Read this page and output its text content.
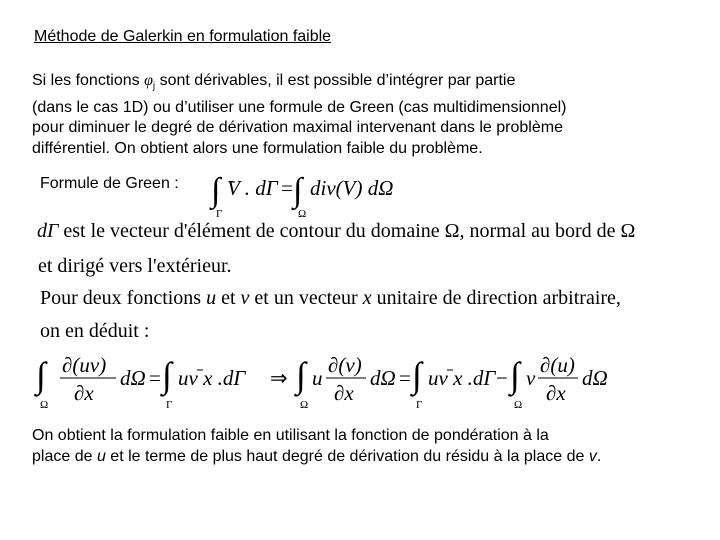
Méthode de Galerkin en formulation faible
Si les fonctions $\varphi_j$ sont dérivables, il est possible d’intégrer par partie
(dans le cas 1D) ou d’utiliser une formule de Green (cas multidimensionnel)
pour diminuer le degré de dérivation maximal intervenant dans le problème
différentiel. On obtient alors une formulation faible du problème.
Formule de Green : ∫
Γ
V . dΓ = ∫
Ω
div(V) dΩ
dΓ est le vecteur d'élément de contour du domaine Ω, normal au bord de Ω
et dirigé vers l'extérieur.
Pour deux fonctions u et v et un vecteur x unitaire de direction arbitraire,
on en déduit :
∫
Ω
∂(uv)
∂x
dΩ = ∫
Γ
uv x .dΓ ⇒ ∫
Ω
u
∂(v)
∂x
dΩ = ∫
Γ
uv x .dΓ − ∫
Ω
v
∂(u)
∂x
dΩ
On obtient la formulation faible en utilisant la fonction de pondération à la
place de u et le terme de plus haut degré de dérivation du résidu à la place de v.
